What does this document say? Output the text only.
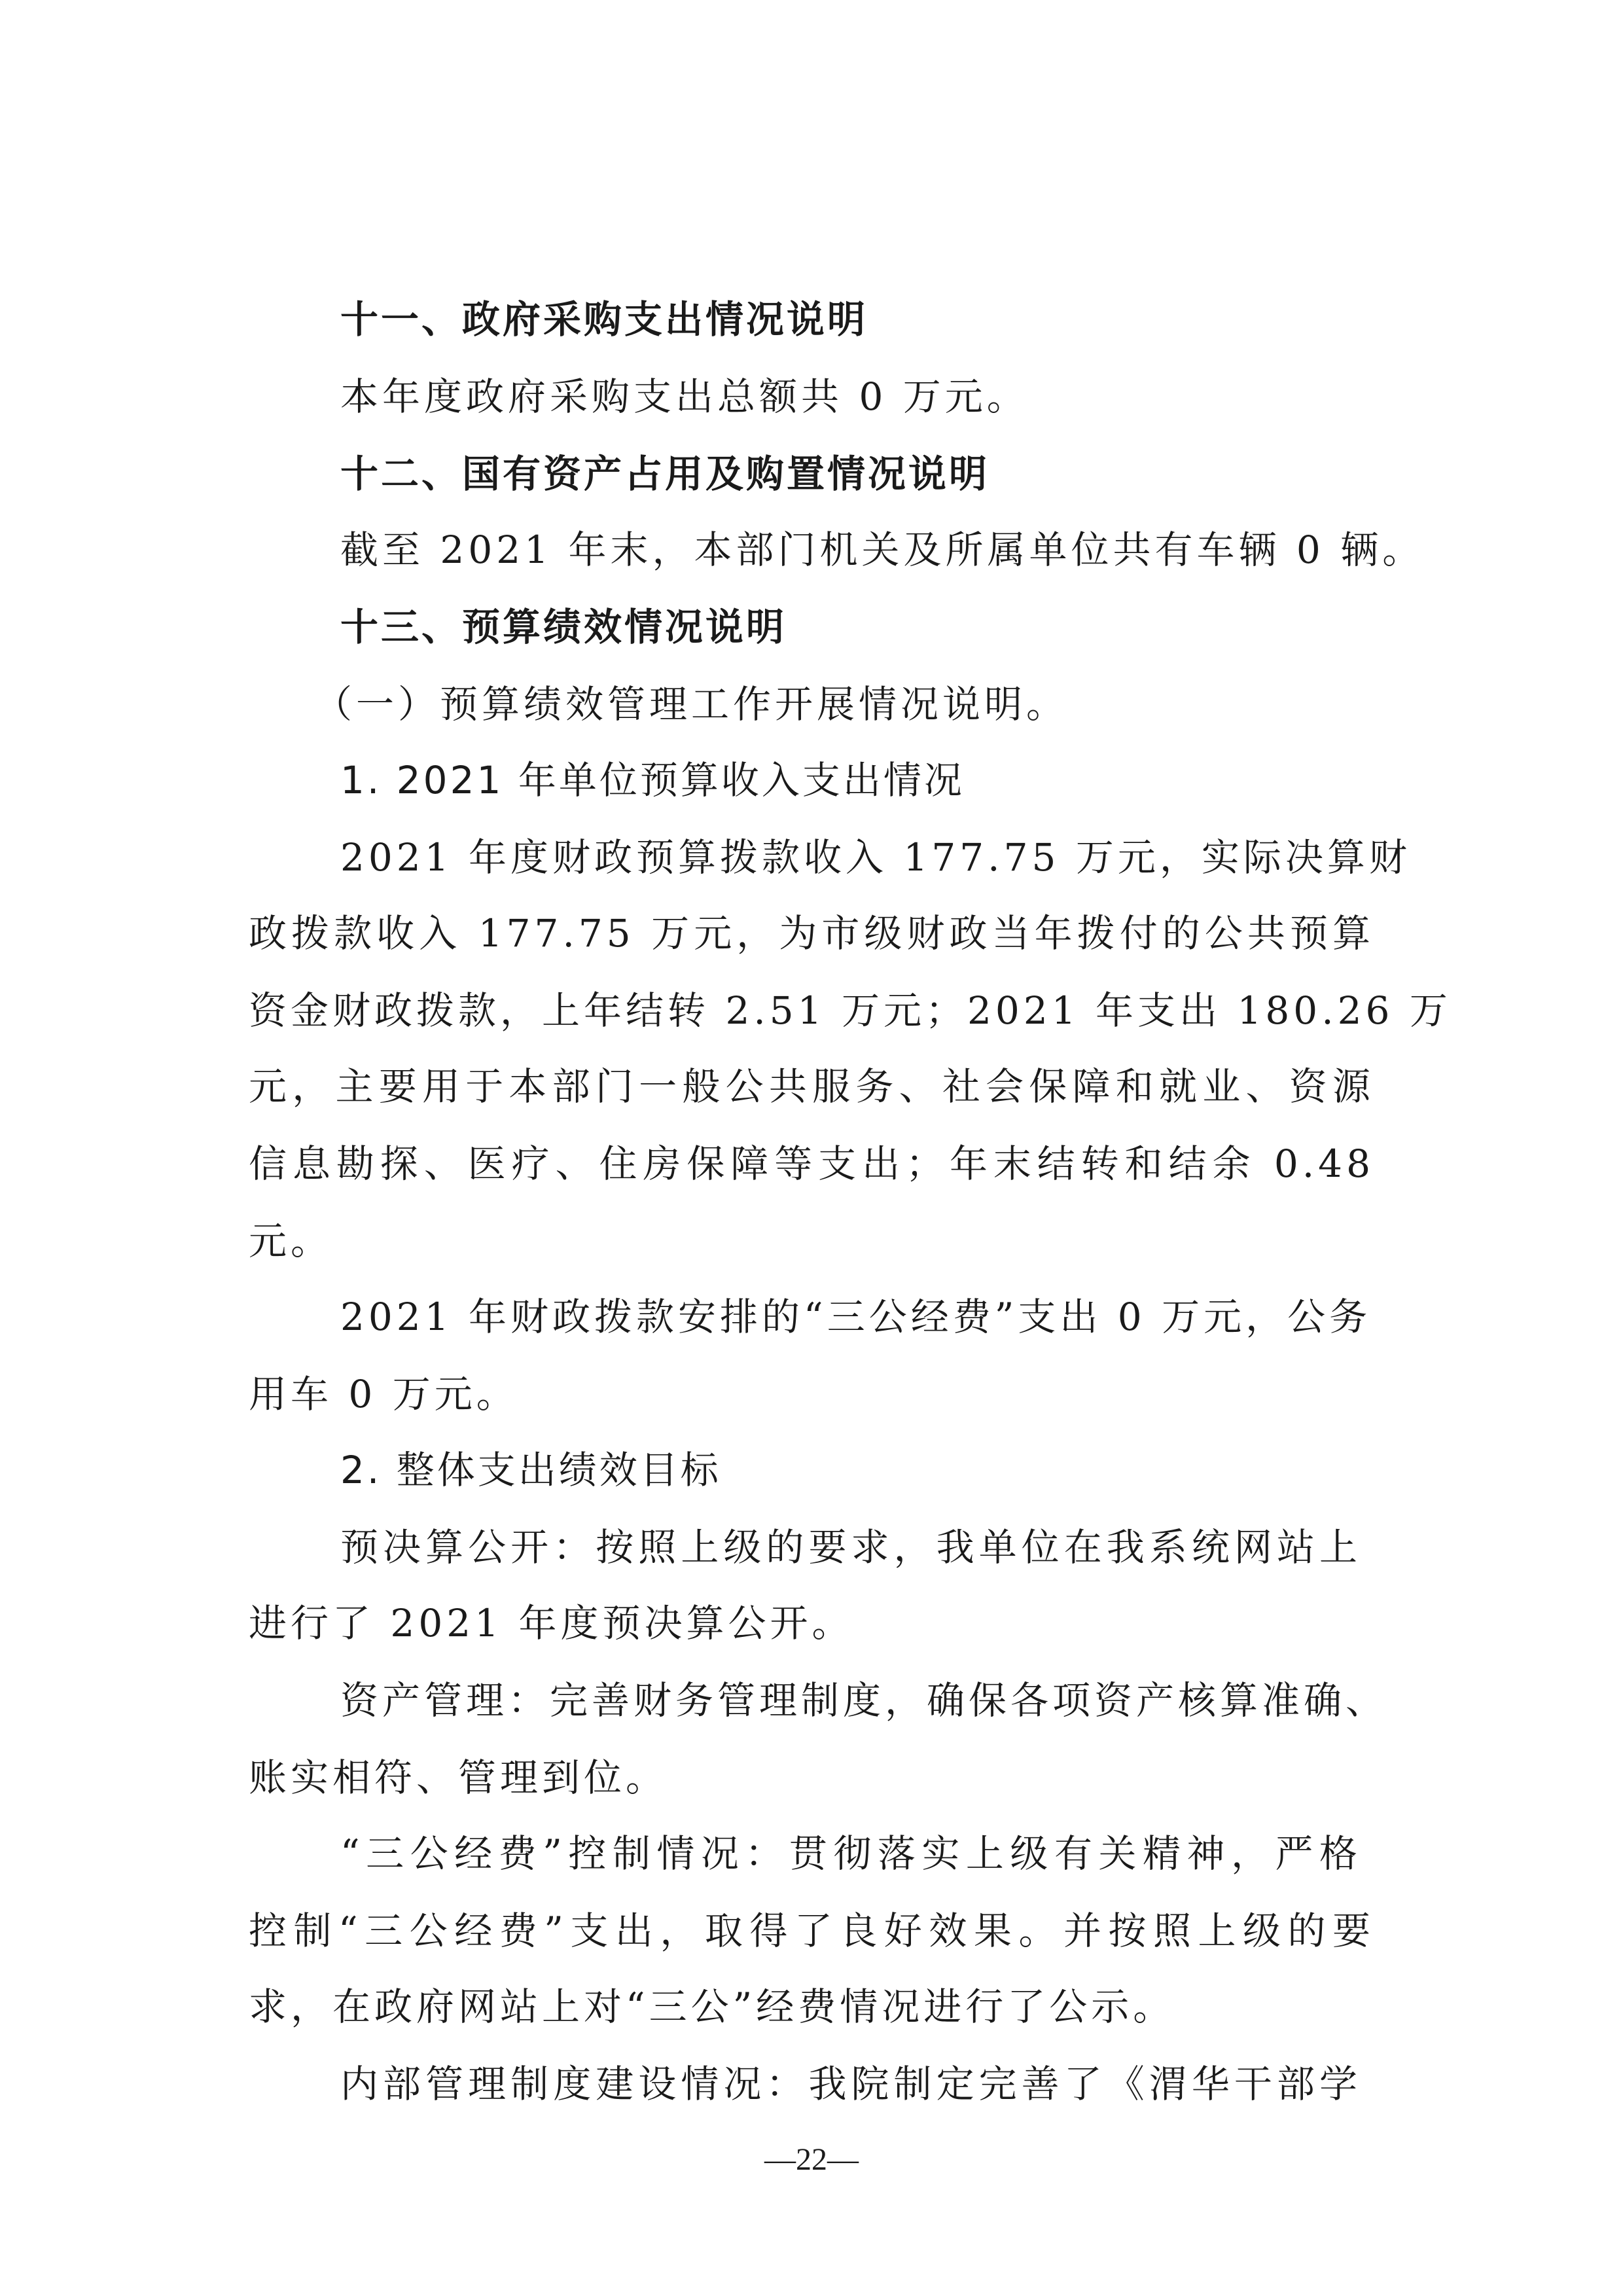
十一、政府采购支出情况说明
本年度政府采购支出总额共 0 万元。
十二、国有资产占用及购置情况说明
截至 2021 年末，本部门机关及所属单位共有车辆 0 辆。
十三、预算绩效情况说明
（一）预算绩效管理工作开展情况说明。
1. 2021 年单位预算收入支出情况
2021 年度财政预算拨款收入 177.75 万元，实际决算财
政拨款收入 177.75 万元，为市级财政当年拨付的公共预算
资金财政拨款，上年结转 2.51 万元；2021 年支出 180.26 万
元，主要用于本部门一般公共服务、社会保障和就业、资源
信息勘探、医疗、住房保障等支出；年末结转和结余 0.48
元。
2021 年财政拨款安排的“三公经费”支出 0 万元，公务
用车 0 万元。
2. 整体支出绩效目标
预决算公开：按照上级的要求，我单位在我系统网站上
进行了 2021 年度预决算公开。
资产管理：完善财务管理制度，确保各项资产核算准确、
账实相符、管理到位。
“三公经费”控制情况：贯彻落实上级有关精神，严格
控制“三公经费”支出，取得了良好效果。并按照上级的要
求，在政府网站上对“三公”经费情况进行了公示。
内部管理制度建设情况：我院制定完善了《渭华干部学
—22—
